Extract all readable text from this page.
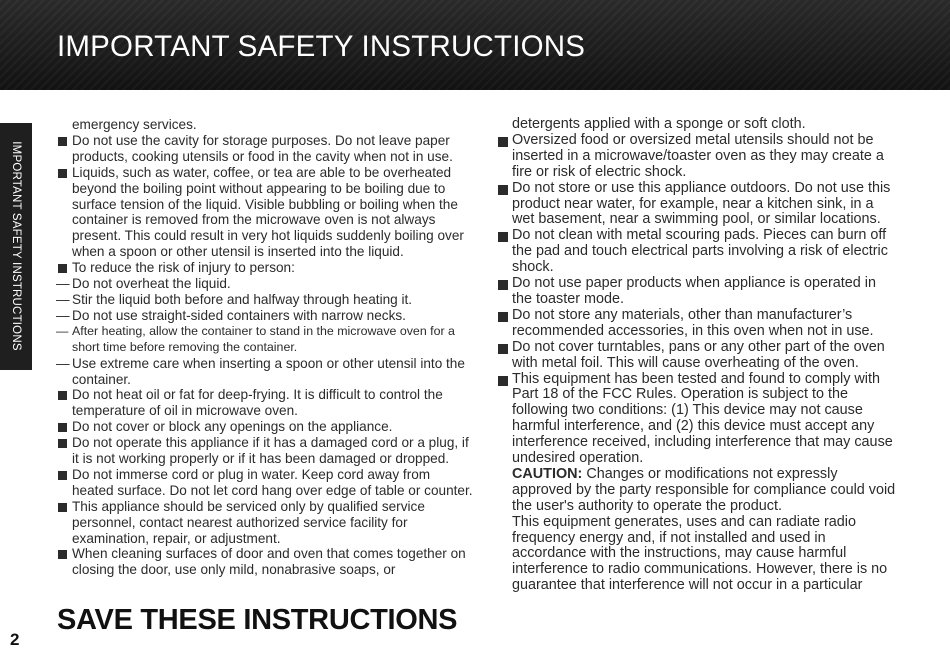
IMPORTANT SAFETY INSTRUCTIONS
IMPORTANT SAFETY INSTRUCTIONS
emergency services.
Do not use the cavity for storage purposes. Do not leave paper products, cooking utensils or food in the cavity when not in use.
Liquids, such as water, coffee, or tea are able to be overheated beyond the boiling point without appearing to be boiling due to surface tension of the liquid. Visible bubbling or boiling when the container is removed from the microwave oven is not always present. This could result in very hot liquids suddenly boiling over when a spoon or other utensil is inserted into the liquid.
To reduce the risk of injury to person:
— Do not overheat the liquid.
— Stir the liquid both before and halfway through heating it.
— Do not use straight-sided containers with narrow necks.
— After heating, allow the container to stand in the microwave oven for a short time before removing the container.
— Use extreme care when inserting a spoon or other utensil into the container.
Do not heat oil or fat for deep-frying. It is difficult to control the temperature of oil in microwave oven.
Do not cover or block any openings on the appliance.
Do not operate this appliance if it has a damaged cord or a plug, if it is not working properly or if it has been damaged or dropped.
Do not immerse cord or plug in water. Keep cord away from heated surface. Do not let cord hang over edge of table or counter.
This appliance should be serviced only by qualified service personnel, contact nearest authorized service facility for examination, repair, or adjustment.
When cleaning surfaces of door and oven that comes together on closing the door, use only mild, nonabrasive soaps, or
detergents applied with a sponge or soft cloth.
Oversized food or oversized metal utensils should not be inserted in a microwave/toaster oven as they may create a fire or risk of electric shock.
Do not store or use this appliance outdoors. Do not use this product near water, for example, near a kitchen sink, in a wet basement, near a swimming pool, or similar locations.
Do not clean with metal scouring pads. Pieces can burn off the pad and touch electrical parts involving a risk of electric shock.
Do not use paper products when appliance is operated in the toaster mode.
Do not store any materials, other than manufacturer’s recommended accessories, in this oven when not in use.
Do not cover turntables, pans or any other part of the oven with metal foil. This will cause overheating of the oven.
This equipment has been tested and found to comply with Part 18 of the FCC Rules. Operation is subject to the following two conditions: (1) This device may not cause harmful interference, and (2) this device must accept any interference received, including interference that may cause undesired operation.
CAUTION: Changes or modifications not expressly approved by the party responsible for compliance could void the user's authority to operate the product.
This equipment generates, uses and can radiate radio frequency energy and, if not installed and used in accordance with the instructions, may cause harmful interference to radio communications. However, there is no guarantee that interference will not occur in a particular
2
SAVE THESE INSTRUCTIONS
